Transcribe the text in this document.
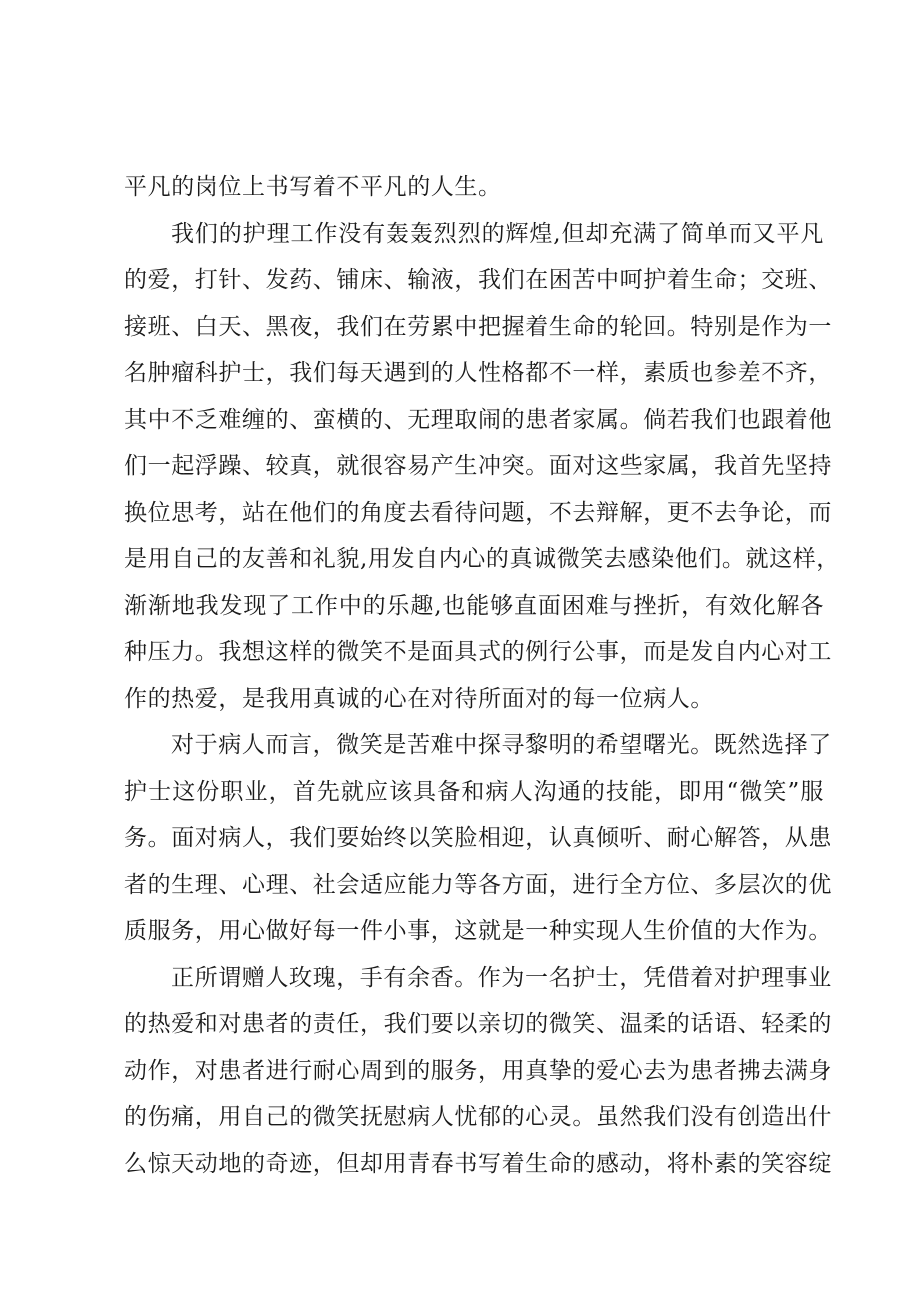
平凡的岗位上书写着不平凡的人生。
我们的护理工作没有轰轰烈烈的辉煌,但却充满了简单而又平凡
的爱，打针、发药、铺床、输液，我们在困苦中呵护着生命；交班、
接班、白天、黑夜，我们在劳累中把握着生命的轮回。特别是作为一
名肿瘤科护士，我们每天遇到的人性格都不一样，素质也参差不齐，
其中不乏难缠的、蛮横的、无理取闹的患者家属。倘若我们也跟着他
们一起浮躁、较真，就很容易产生冲突。面对这些家属，我首先坚持
换位思考，站在他们的角度去看待问题，不去辩解，更不去争论，而
是用自己的友善和礼貌,用发自内心的真诚微笑去感染他们。就这样，
渐渐地我发现了工作中的乐趣,也能够直面困难与挫折，有效化解各
种压力。我想这样的微笑不是面具式的例行公事，而是发自内心对工
作的热爱，是我用真诚的心在对待所面对的每一位病人。
对于病人而言，微笑是苦难中探寻黎明的希望曙光。既然选择了
护士这份职业，首先就应该具备和病人沟通的技能，即用“微笑”服
务。面对病人，我们要始终以笑脸相迎，认真倾听、耐心解答，从患
者的生理、心理、社会适应能力等各方面，进行全方位、多层次的优
质服务，用心做好每一件小事，这就是一种实现人生价值的大作为。
正所谓赠人玫瑰，手有余香。作为一名护士，凭借着对护理事业
的热爱和对患者的责任，我们要以亲切的微笑、温柔的话语、轻柔的
动作，对患者进行耐心周到的服务，用真挚的爱心去为患者拂去满身
的伤痛，用自己的微笑抚慰病人忧郁的心灵。虽然我们没有创造出什
么惊天动地的奇迹，但却用青春书写着生命的感动，将朴素的笑容绽
